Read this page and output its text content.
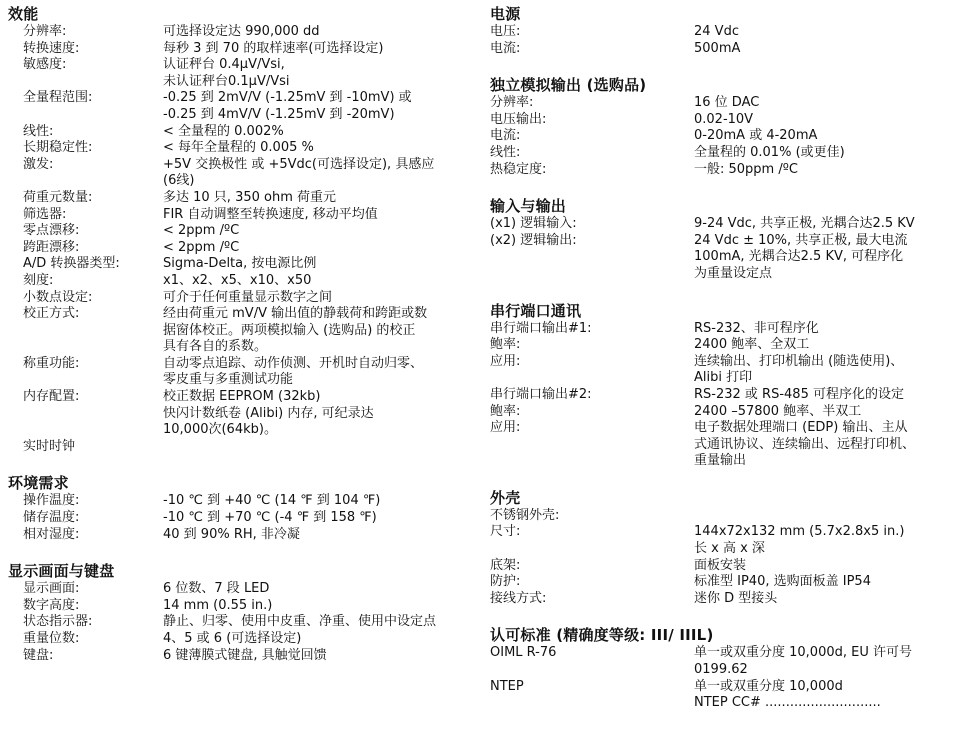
效能
分辨率:	可选择设定达 990,000 dd
转换速度:	每秒 3 到 70 的取样速率(可选择设定)
敏感度:	认证秤台 0.4μV/Vsi,
未认证秤台0.1μV/Vsi
全量程范围:	-0.25 到 2mV/V (-1.25mV 到 -10mV) 或
-0.25 到 4mV/V (-1.25mV 到 -20mV)
线性:	< 全量程的 0.002%
长期稳定性:	< 每年全量程的 0.005 %
激发:	+5V 交换极性 或 +5Vdc(可选择设定), 具感应
(6线)
荷重元数量:	多达 10 只, 350 ohm 荷重元
筛选器:	FIR 自动调整至转换速度, 移动平均值
零点漂移:	< 2ppm /ºC
跨距漂移:	< 2ppm /ºC
A/D 转换器类型:	Sigma-Delta, 按电源比例
刻度:	x1、x2、x5、x10、x50
小数点设定:	可介于任何重量显示数字之间
校正方式:	经由荷重元 mV/V 输出值的静载荷和跨距或数
据窗体校正。两项模拟输入 (选购品) 的校正
具有各自的系数。
称重功能:	自动零点追踪、动作侦测、开机时自动归零、
零皮重与多重测试功能
内存配置:	校正数据 EEPROM (32kb)
快闪计数纸卷 (Alibi) 内存, 可纪录达
10,000次(64kb)。
实时时钟

环境需求
操作温度:	-10 ℃ 到 +40 ℃ (14 ℉ 到 104 ℉)
储存温度:	-10 ℃ 到 +70 ℃ (-4 ℉ 到 158 ℉)
相对湿度:	40 到 90% RH, 非冷凝
显示画面与键盘
显示画面:	6 位数、7 段 LED
数字高度:	14 mm (0.55 in.)
状态指示器:	静止、归零、使用中皮重、净重、使用中设定点
重量位数:	4、5 或 6 (可选择设定)
键盘:	6 键薄膜式键盘, 具触觉回馈
电源
电压:	24 Vdc
电流:	500mA
独立模拟输出 (选购品)
分辨率:	16 位 DAC
电压输出:	0.02-10V
电流:	0-20mA 或 4-20mA
线性:	全量程的 0.01% (或更佳)
热稳定度:	一般: 50ppm /ºC
输入与输出
(x1) 逻辑输入:	9-24 Vdc, 共享正极, 光耦合达2.5 KV
(x2) 逻辑输出:	24 Vdc ± 10%, 共享正极, 最大电流
100mA, 光耦合达2.5 KV, 可程序化
为重量设定点
串行端口通讯
串行端口输出#1:	RS-232、非可程序化
鲍率:	2400 鲍率、全双工
应用:	连续输出、打印机输出 (随选使用)、
Alibi 打印
串行端口输出#2:	RS-232 或 RS-485 可程序化的设定
鲍率:	2400 –57800 鲍率、半双工
应用:	电子数据处理端口 (EDP) 输出、主从
式通讯协议、连续输出、远程打印机、
重量输出
外壳
不锈钢外壳:

尺寸:	144x72x132 mm (5.7x2.8x5 in.)
长 x 高 x 深
底架:	面板安装
防护:	标准型 IP40, 选购面板盖 IP54
接线方式:	迷你 D 型接头
认可标准 (精确度等级: III/ IIIL)
OIML R-76	单一或双重分度 10,000d, EU 许可号
0199.62
NTEP	单一或双重分度 10,000d
NTEP CC# ............................
